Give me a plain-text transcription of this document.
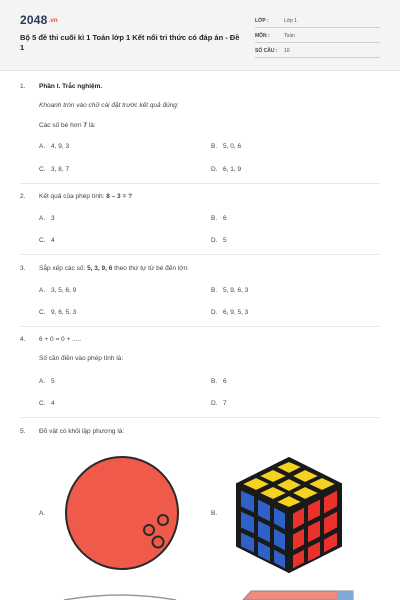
2048.vn
Bộ 5 đề thi cuối kì 1 Toán lớp 1 Kết nối tri thức có đáp án - Đề 1
LỚP :	Lớp 1
MÔN :	Toán
SỐ CÂU : 10
1. Phần I. Trắc nghiệm.
Khoanh tròn vào chữ cái đặt trước kết quả đúng:
Các số bé hơn 7 là:
A. 4, 9, 3	B. 5, 0, 6
C. 3, 8, 7	D. 6, 1, 9
2. Kết quả của phép tính: 8 – 3 = ?
A. 3	B. 6
C. 4	D. 5
3. Sắp xếp các số: 5, 3, 9, 6 theo thứ tự từ bé đến lớn:
A. 3, 5, 6, 9	B. 5, 9, 6, 3
C. 9, 6, 5, 3	D. 6, 9, 5, 3
4. 6 + 0 = 0 + .....
Số cần điền vào phép tính là:
A. 5	B. 6
C. 4	D. 7
5. Đồ vật có khối lập phương là:
A.	B.
